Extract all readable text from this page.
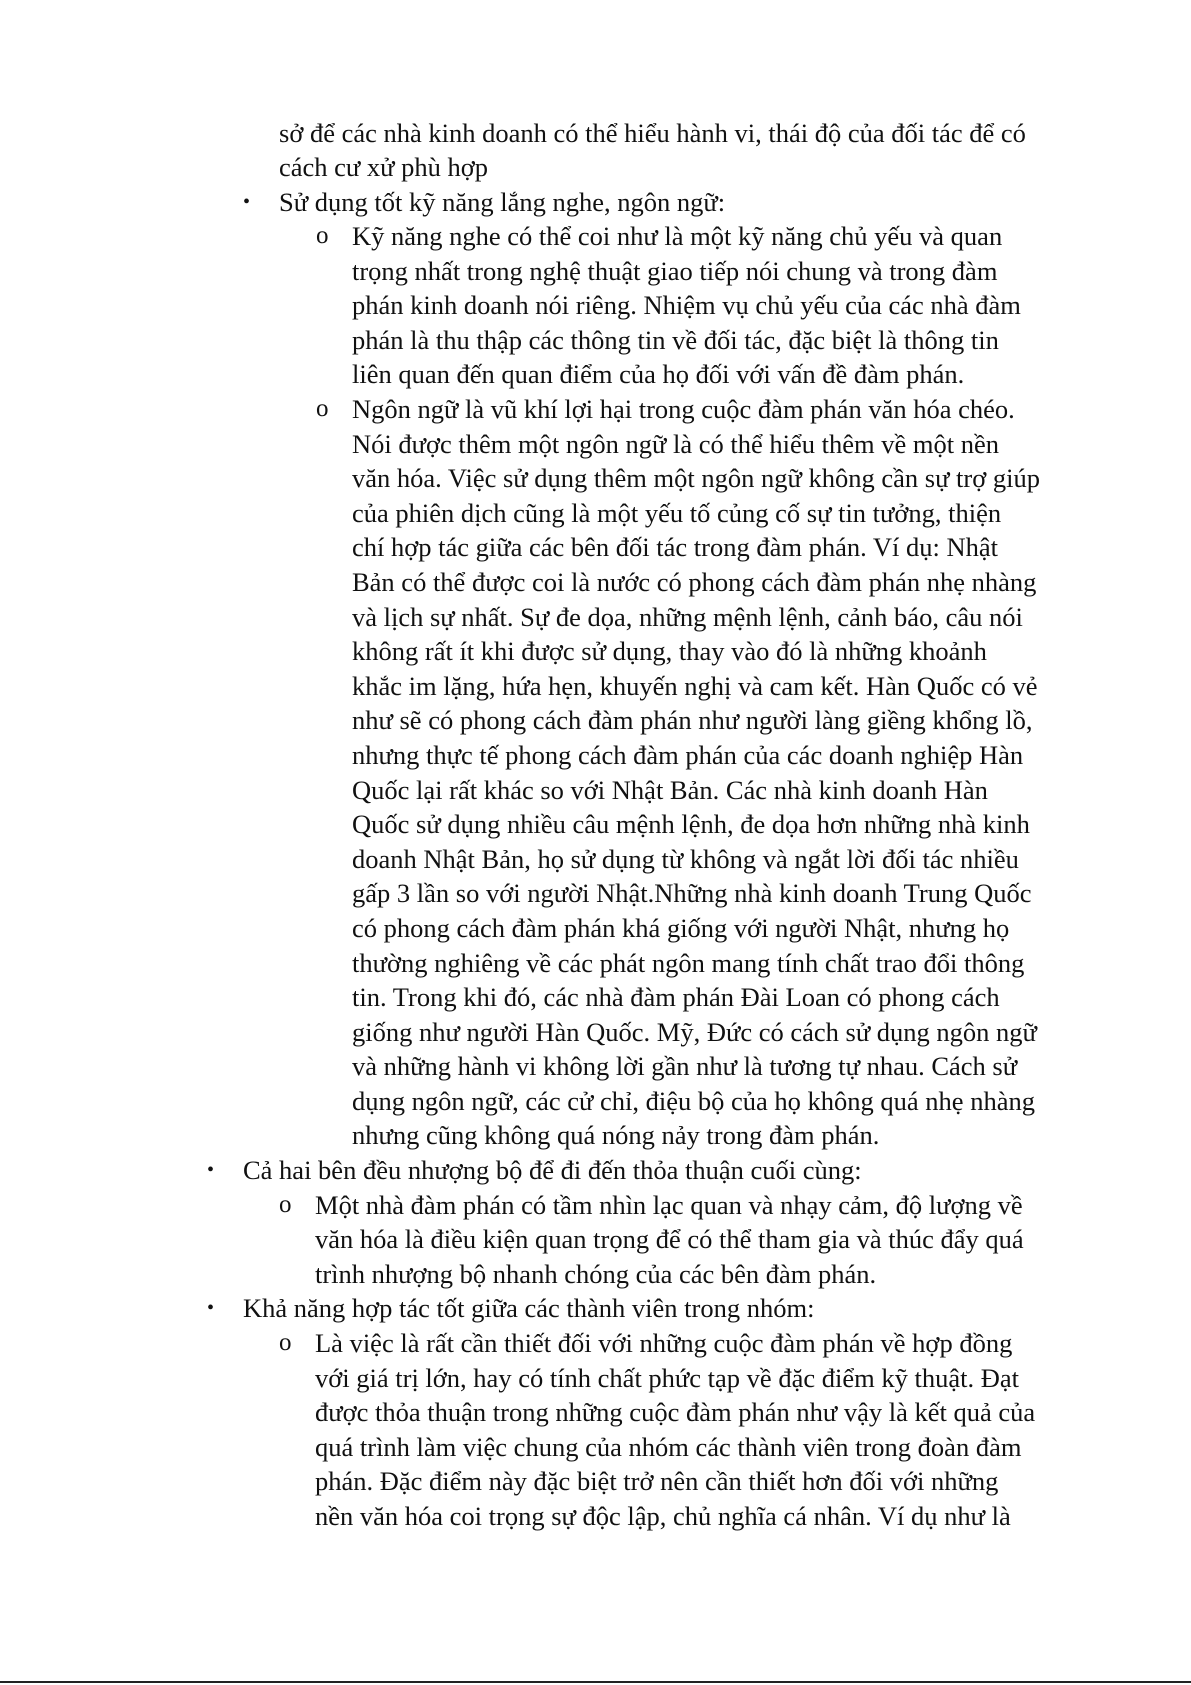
sở để các nhà kinh doanh có thể hiểu hành vi, thái độ của đối tác để có

cách cư xử phù hợp

• Sử dụng tốt kỹ năng lắng nghe, ngôn ngữ:

o Kỹ năng nghe có thể coi như là một kỹ năng chủ yếu và quan

trọng nhất trong nghệ thuật giao tiếp nói chung và trong đàm

phán kinh doanh nói riêng. Nhiệm vụ chủ yếu của các nhà đàm

phán là thu thập các thông tin về đối tác, đặc biệt là thông tin

liên quan đến quan điểm của họ đối với vấn đề đàm phán.

o Ngôn ngữ là vũ khí lợi hại trong cuộc đàm phán văn hóa chéo.

Nói được thêm một ngôn ngữ là có thể hiểu thêm về một nền

văn hóa. Việc sử dụng thêm một ngôn ngữ không cần sự trợ giúp

của phiên dịch cũng là một yếu tố củng cố sự tin tưởng, thiện

chí hợp tác giữa các bên đối tác trong đàm phán. Ví dụ: Nhật

Bản có thể được coi là nước có phong cách đàm phán nhẹ nhàng

và lịch sự nhất. Sự đe dọa, những mệnh lệnh, cảnh báo, câu nói

không rất ít khi được sử dụng, thay vào đó là những khoảnh

khắc im lặng, hứa hẹn, khuyến nghị và cam kết. Hàn Quốc có vẻ

như sẽ có phong cách đàm phán như người làng giềng khổng lồ,

nhưng thực tế phong cách đàm phán của các doanh nghiệp Hàn

Quốc lại rất khác so với Nhật Bản. Các nhà kinh doanh Hàn

Quốc sử dụng nhiều câu mệnh lệnh, đe dọa hơn những nhà kinh

doanh Nhật Bản, họ sử dụng từ không và ngắt lời đối tác nhiều

gấp 3 lần so với người Nhật.Những nhà kinh doanh Trung Quốc

có phong cách đàm phán khá giống với người Nhật, nhưng họ

thường nghiêng về các phát ngôn mang tính chất trao đổi thông

tin. Trong khi đó, các nhà đàm phán Đài Loan có phong cách

giống như người Hàn Quốc. Mỹ, Đức có cách sử dụng ngôn ngữ

và những hành vi không lời gần như là tương tự nhau. Cách sử

dụng ngôn ngữ, các cử chỉ, điệu bộ của họ không quá nhẹ nhàng

nhưng cũng không quá nóng nảy trong đàm phán.

• Cả hai bên đều nhượng bộ để đi đến thỏa thuận cuối cùng:

o Một nhà đàm phán có tầm nhìn lạc quan và nhạy cảm, độ lượng về

văn hóa là điều kiện quan trọng để có thể tham gia và thúc đẩy quá

trình nhượng bộ nhanh chóng của các bên đàm phán.

• Khả năng hợp tác tốt giữa các thành viên trong nhóm:

o Là việc là rất cần thiết đối với những cuộc đàm phán về hợp đồng

với giá trị lớn, hay có tính chất phức tạp về đặc điểm kỹ thuật. Đạt

được thỏa thuận trong những cuộc đàm phán như vậy là kết quả của

quá trình làm việc chung của nhóm các thành viên trong đoàn đàm

phán. Đặc điểm này đặc biệt trở nên cần thiết hơn đối với những

nền văn hóa coi trọng sự độc lập, chủ nghĩa cá nhân. Ví dụ như là
